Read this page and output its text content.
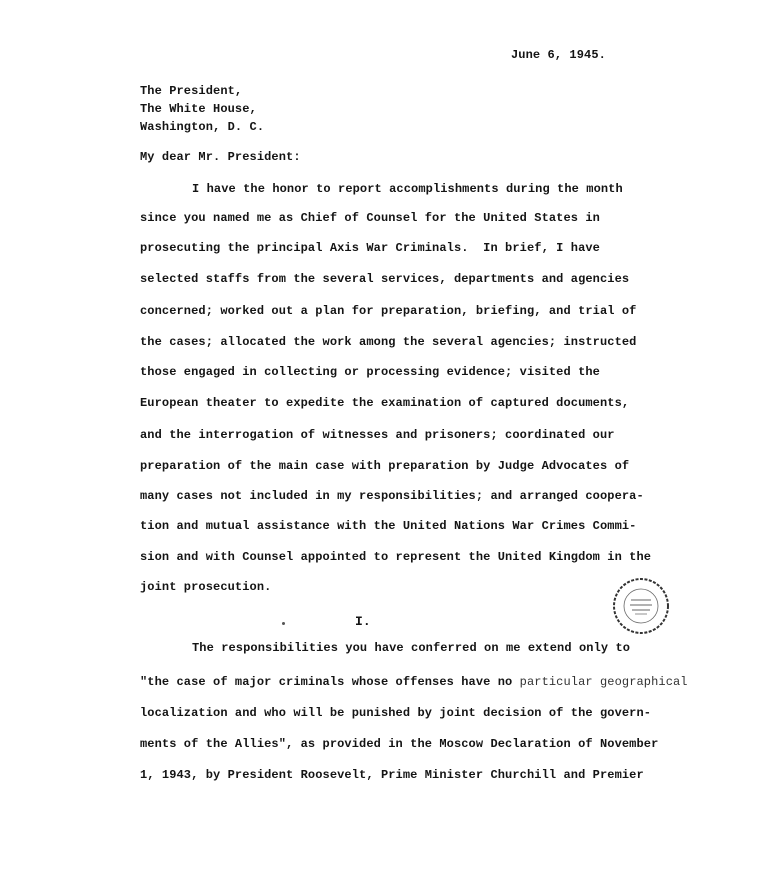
June 6, 1945.
The President,
The White House,
Washington, D. C.
My dear Mr. President:
I have the honor to report accomplishments during the month
since you named me as Chief of Counsel for the United States in
prosecuting the principal Axis War Criminals.  In brief, I have
selected staffs from the several services, departments and agencies
concerned; worked out a plan for preparation, briefing, and trial of
the cases; allocated the work among the several agencies; instructed
those engaged in collecting or processing evidence; visited the
European theater to expedite the examination of captured documents,
and the interrogation of witnesses and prisoners; coordinated our
preparation of the main case with preparation by Judge Advocates of
many cases not included in my responsibilities; and arranged coopera-
tion and mutual assistance with the United Nations War Crimes Commi-
sion and with Counsel appointed to represent the United Kingdom in the
joint prosecution.
I.
The responsibilities you have conferred on me extend only to
"the case of major criminals whose offenses have no particular geographical
localization and who will be punished by joint decision of the govern-
ments of the Allies", as provided in the Moscow Declaration of November
1, 1943, by President Roosevelt, Prime Minister Churchill and Premier
